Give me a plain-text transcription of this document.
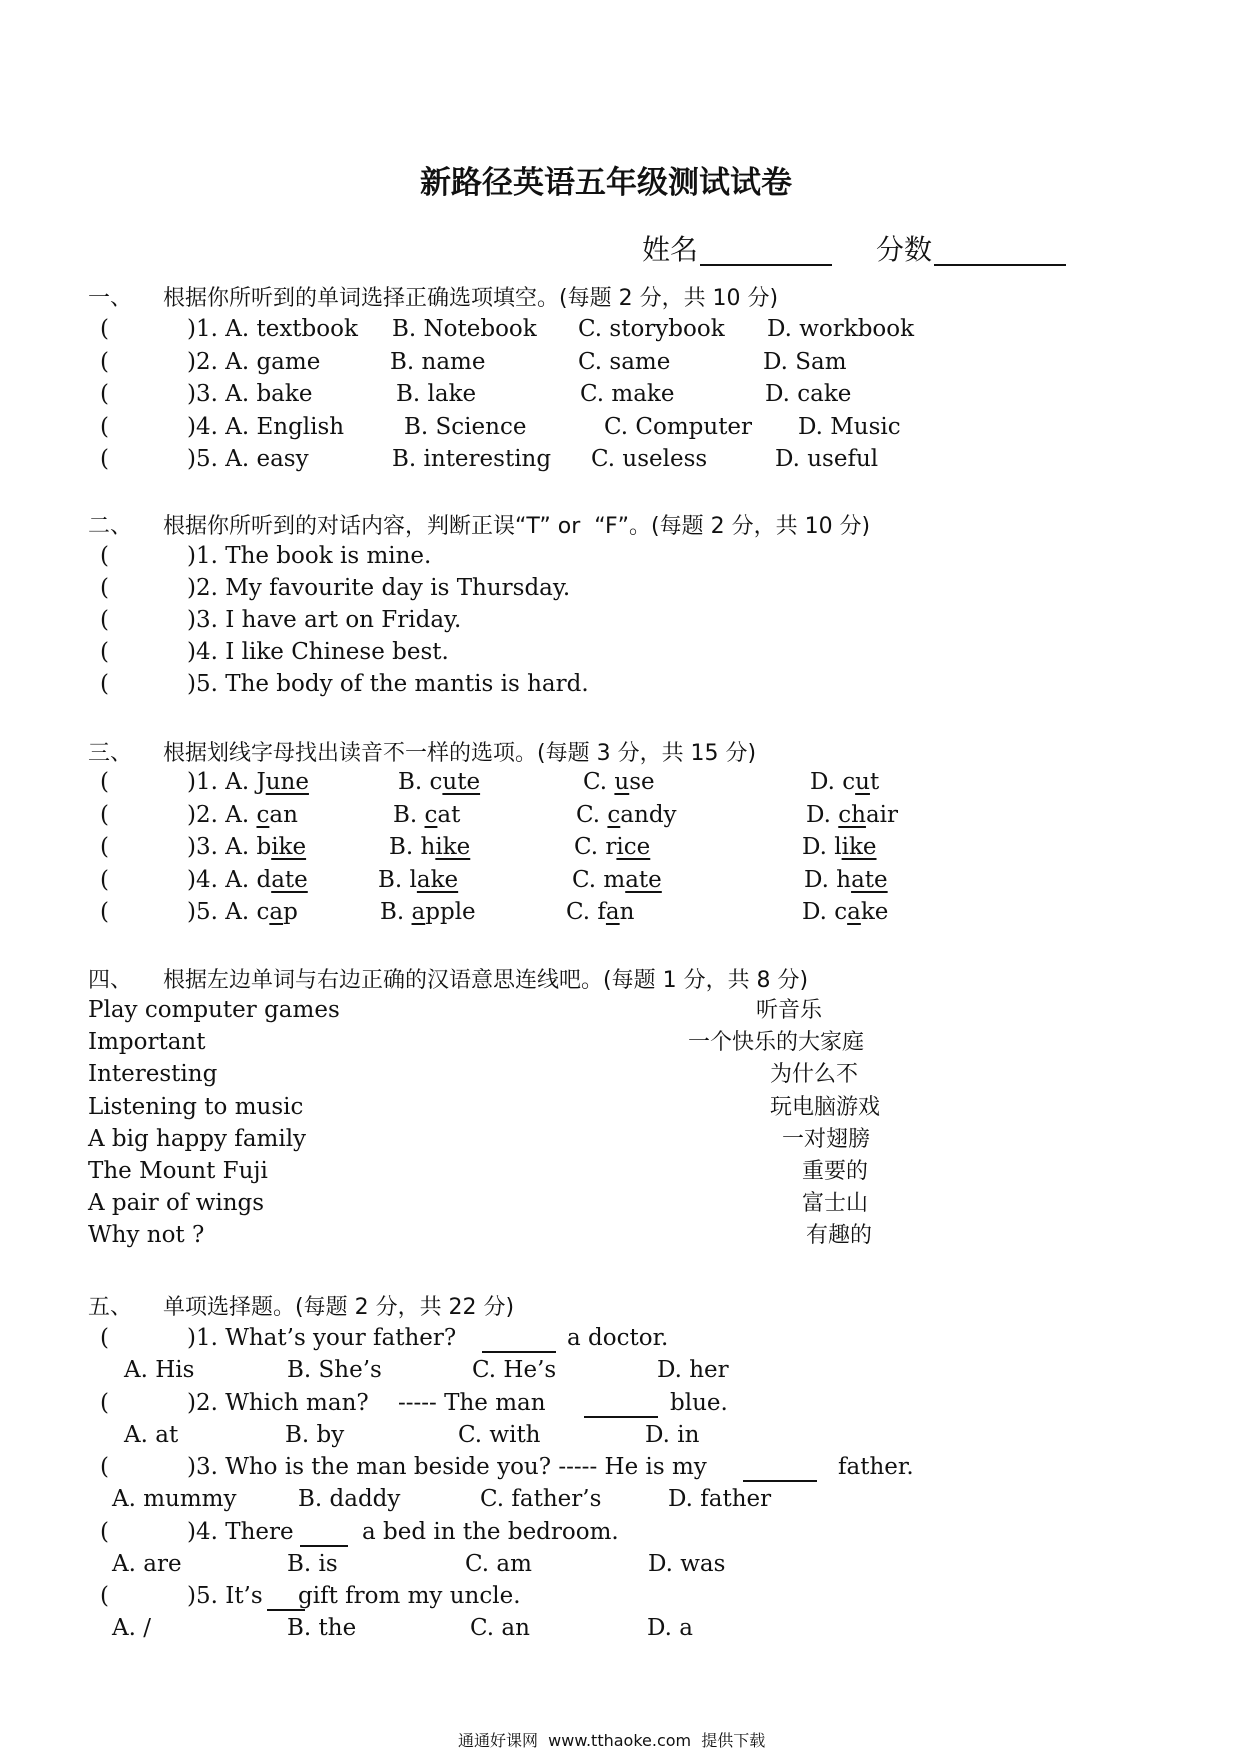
新路径英语五年级测试试卷
姓名	分数
一、 根据你所听到的单词选择正确选项填空。(每题 2 分，共 10 分)
二、 根据你所听到的对话内容，判断正误“T” or  “F”。(每题 2 分，共 10 分)
三、 根据划线字母找出读音不一样的选项。(每题 3 分，共 15 分)
四、 根据左边单词与右边正确的汉语意思连线吧。(每题 1 分，共 8 分)
五、 单项选择题。(每题 2 分，共 22 分)
(	)1. A. textbook B. Notebook C. storybook D. workbook
(	)2. A. game	B. name	C. same	D. Sam
(	)3. A. bake	B. lake	C. make	D. cake
(	)4. A. English	B. Science	C. Computer D. Music
(	)5. A. easy	B. interesting C. useless	D. useful
(	)1. The book is mine.
(	)2. My favourite day is Thursday.
(	)3. I have art on Friday.
(	)4. I like Chinese best.
(	)5. The body of the mantis is hard.
(	)1. A. June	B. cute	C. use	D. cut
(	)2. A. can	B. cat	C. candy	D. chair
(	)3. A. bike	B. hike	C. rice	D. like
(	)4. A. date	B. lake	C. mate	D. hate
(	)5. A. cap	B. apple	C. fan	D. cake
Play computer games	听音乐
Important	一个快乐的大家庭
Interesting	为什么不
Listening to music	玩电脑游戏
A big happy family	一对翅膀
The Mount Fuji	重要的
A pair of wings	富士山
Why not ?	有趣的
(	)1. What’s your father?	a doctor.
A. His	B. She’s	C. He’s	D. her
(	)2. Which man?    ----- The man	blue.
A. at	B. by	C. with	D. in
(	)3. Who is the man beside you? ----- He is my	father.
A. mummy	B. daddy	C. father’s	D. father
(	)4. There	a bed in the bedroom.
A. are	B. is	C. am	D. was
(	)5. It’s gift from my uncle.
A. /	B. the	C. an	D. a
通通好课网  www.tthaoke.com  提供下载
